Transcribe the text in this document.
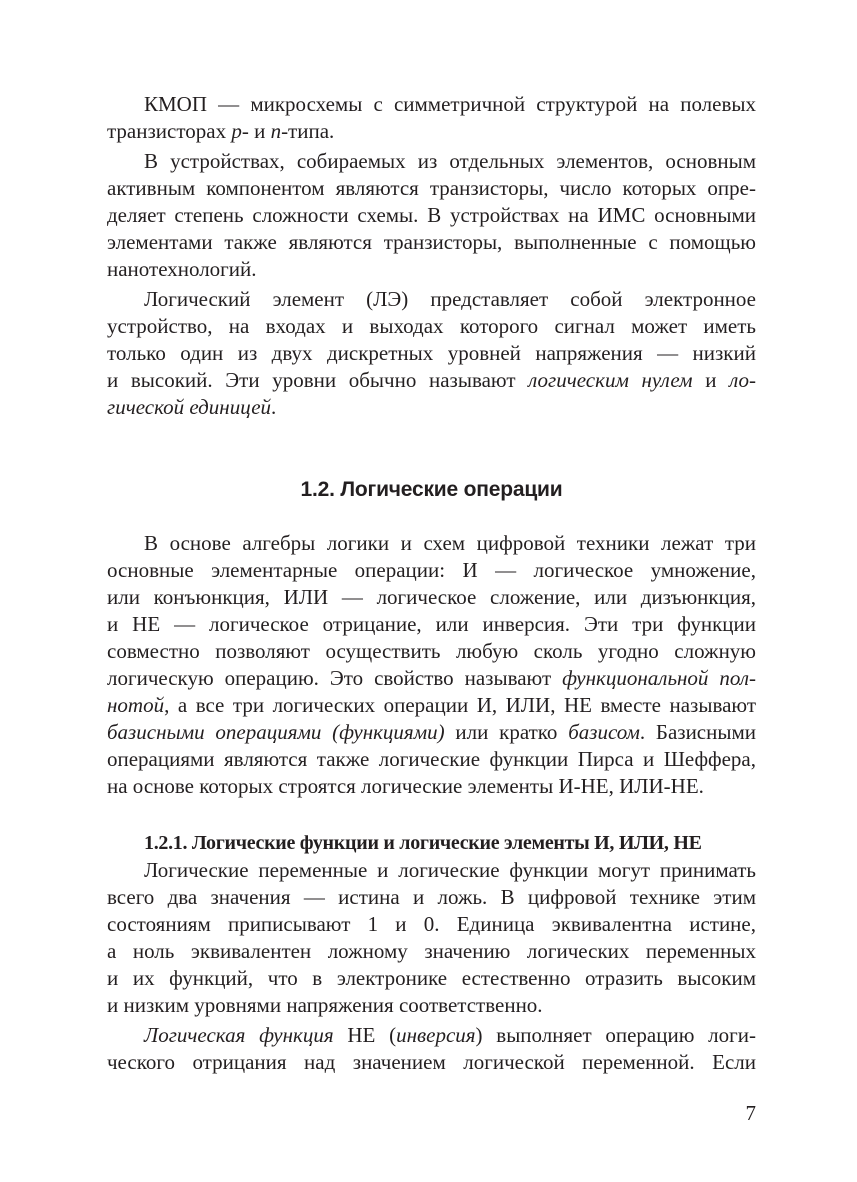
КМОП — микросхемы с симметричной структурой на полевых
транзисторах p- и n-типа.
В устройствах, собираемых из отдельных элементов, основным
активным компонентом являются транзисторы, число которых опре-
деляет степень сложности схемы. В устройствах на ИМС основными
элементами также являются транзисторы, выполненные с помощью
нанотехнологий.
Логический элемент (ЛЭ) представляет собой электронное
устройство, на входах и выходах которого сигнал может иметь
только один из двух дискретных уровней напряжения — низкий
и высокий. Эти уровни обычно называют логическим нулем и ло-
гической единицей.
1.2. Логические операции
В основе алгебры логики и схем цифровой техники лежат три
основные элементарные операции: И — логическое умножение,
или конъюнкция, ИЛИ — логическое сложение, или дизъюнкция,
и НЕ — логическое отрицание, или инверсия. Эти три функции
совместно позволяют осуществить любую сколь угодно сложную
логическую операцию. Это свойство называют функциональной пол-
нотой, а все три логических операции И, ИЛИ, НЕ вместе называют
базисными операциями (функциями) или кратко базисом. Базисными
операциями являются также логические функции Пирса и Шеффера,
на основе которых строятся логические элементы И-НЕ, ИЛИ-НЕ.
1.2.1. Логические функции и логические элементы И, ИЛИ, НЕ
Логические переменные и логические функции могут принимать
всего два значения — истина и ложь. В цифровой технике этим
состояниям приписывают 1 и 0. Единица эквивалентна истине,
а ноль эквивалентен ложному значению логических переменных
и их функций, что в электронике естественно отразить высоким
и низким уровнями напряжения соответственно.
Логическая функция НЕ (инверсия) выполняет операцию логи-
ческого отрицания над значением логической переменной. Если
7
